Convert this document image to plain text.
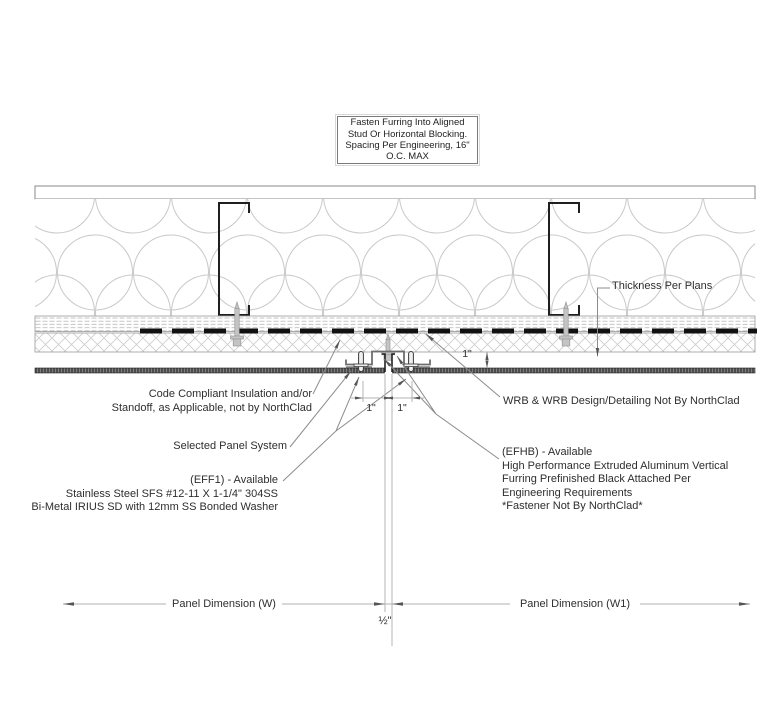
Fasten Furring Into Aligned
Stud Or Horizontal Blocking.
Spacing Per Engineering, 16"
O.C. MAX
Thickness Per Plans
Code Compliant Insulation and/or
Standoff, as Applicable, not by NorthClad
Selected Panel System
(EFF1) - Available
Stainless Steel SFS #12-11 X 1-1/4" 304SS
Bi-Metal IRIUS SD with 12mm SS Bonded Washer
WRB & WRB Design/Detailing Not By NorthClad
(EFHB) - Available
High Performance Extruded Aluminum Vertical
Furring Prefinished Black Attached Per
Engineering Requirements
*Fastener Not By NorthClad*
1"	1"
1"
Panel Dimension (W)	Panel Dimension (W1)
½"
